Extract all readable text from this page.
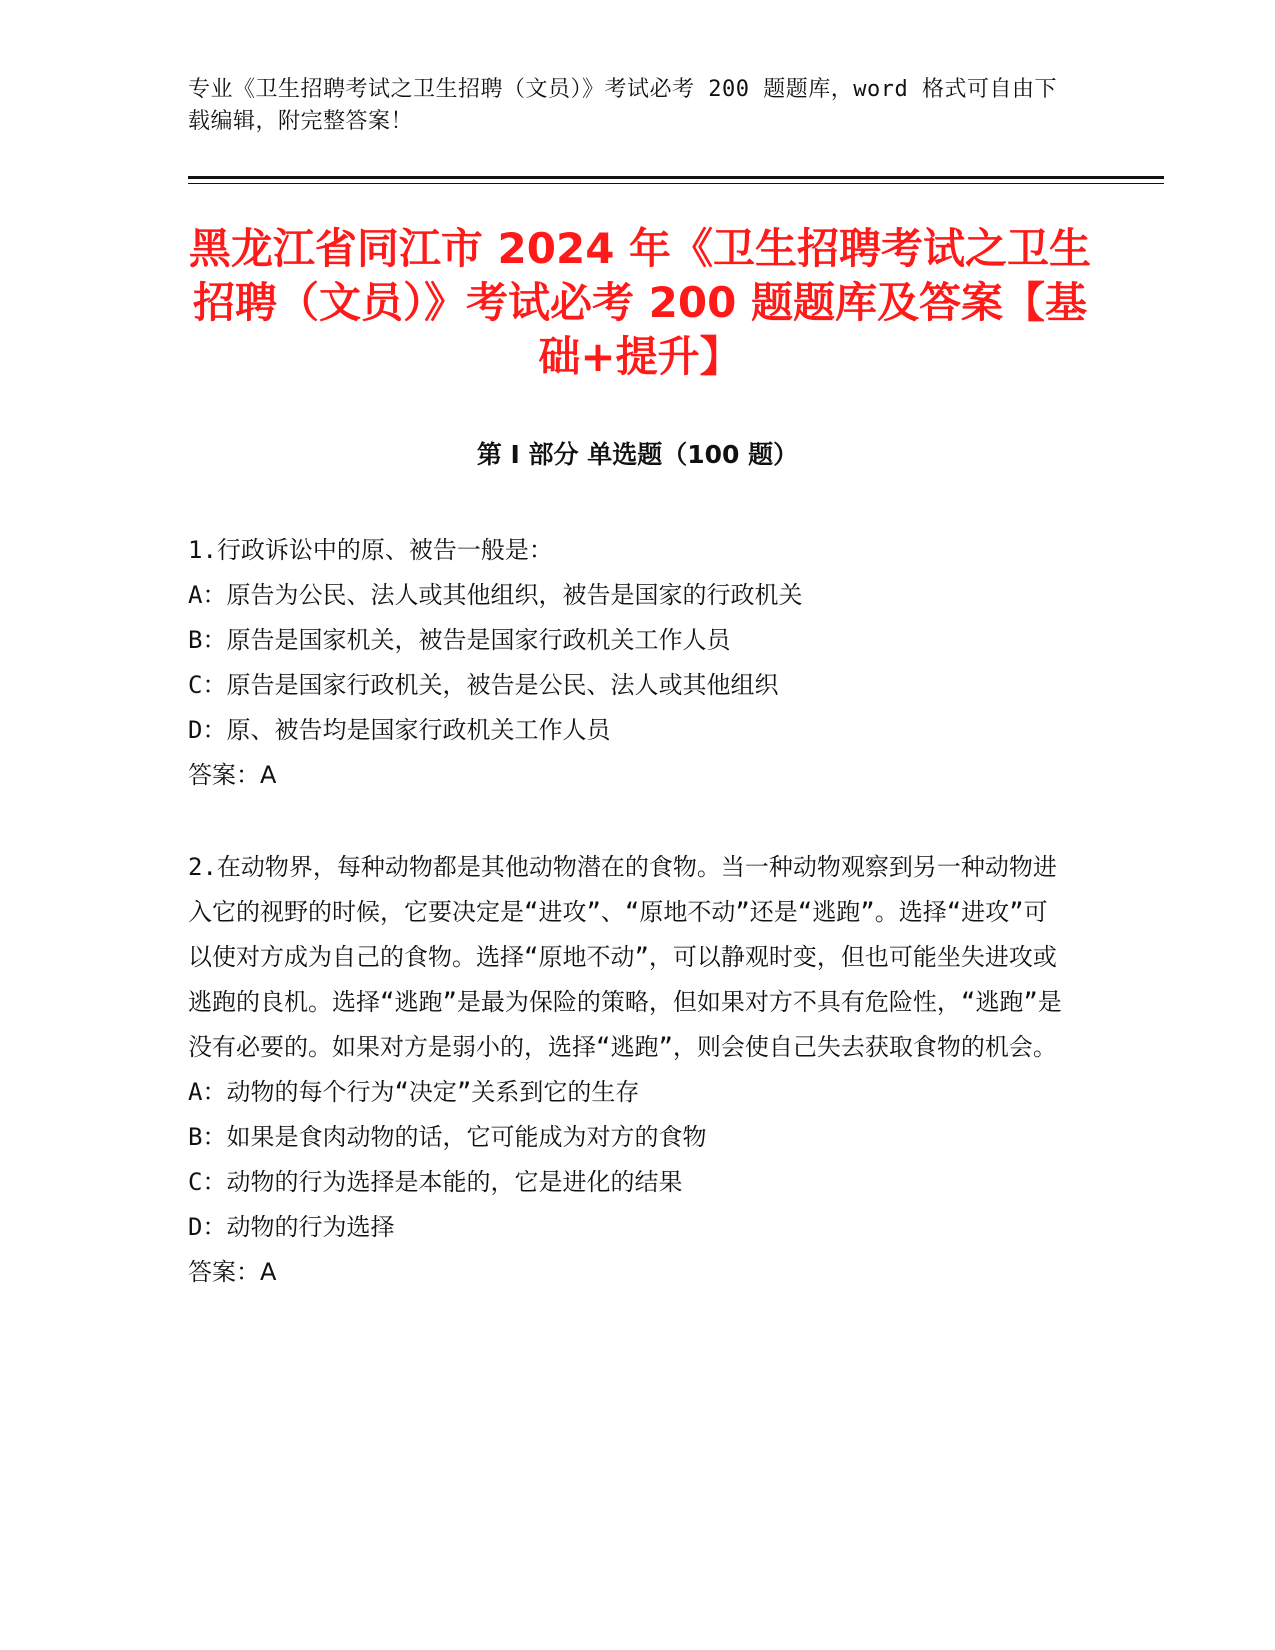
专业《卫生招聘考试之卫生招聘（文员）》考试必考 200 题题库，word 格式可自由下载编辑，附完整答案！
黑龙江省同江市 2024 年《卫生招聘考试之卫生招聘（文员）》考试必考 200 题题库及答案【基础+提升】
第 I 部分 单选题（100 题）

1.行政诉讼中的原、被告一般是：

A：原告为公民、法人或其他组织，被告是国家的行政机关

B：原告是国家机关，被告是国家行政机关工作人员

C：原告是国家行政机关，被告是公民、法人或其他组织

D：原、被告均是国家行政机关工作人员

答案：A

2.在动物界，每种动物都是其他动物潜在的食物。当一种动物观察到另一种动物进入它的视野的时候，它要决定是“进攻”、“原地不动”还是“逃跑”。选择“进攻”可以使对方成为自己的食物。选择“原地不动”，可以静观时变，但也可能坐失进攻或逃跑的良机。选择“逃跑”是最为保险的策略，但如果对方不具有危险性，“逃跑”是没有必要的。如果对方是弱小的，选择“逃跑”，则会使自己失去获取食物的机会。

A：动物的每个行为“决定”关系到它的生存

B：如果是食肉动物的话，它可能成为对方的食物

C：动物的行为选择是本能的，它是进化的结果

D：动物的行为选择

答案：A
